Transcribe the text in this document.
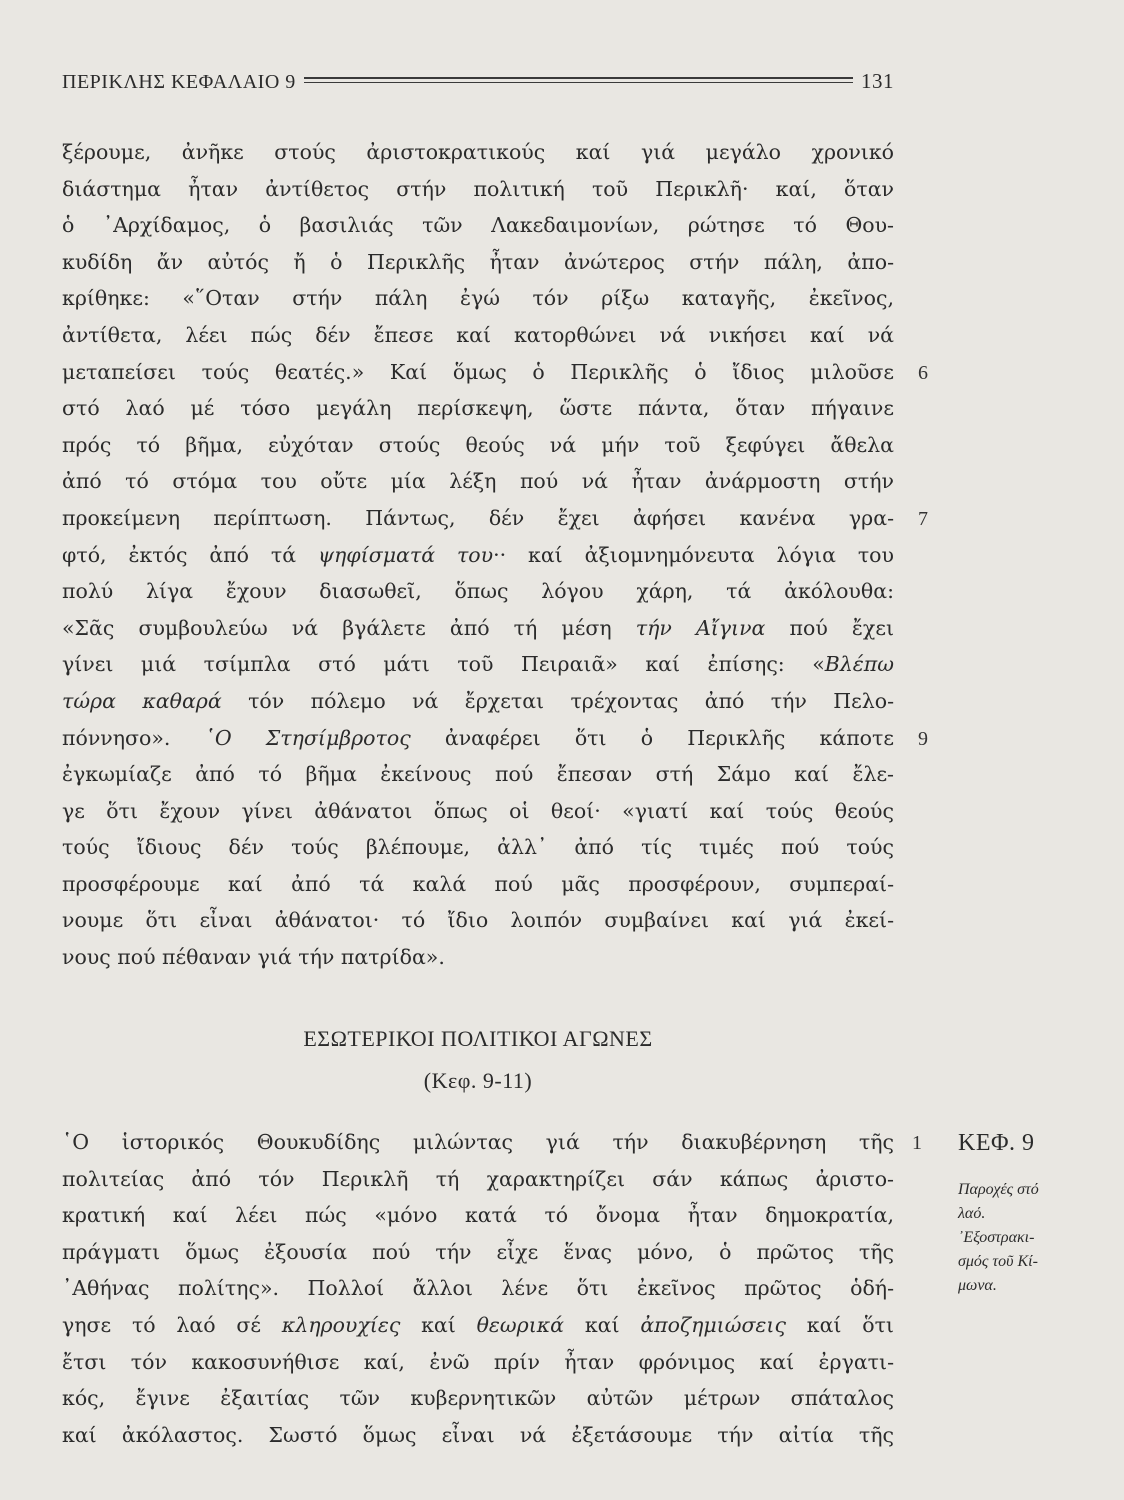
ΠΕΡΙΚΛΗΣ ΚΕΦΑΛΑΙΟ 9	131
ξέρουμε, ἀνῆκε στούς ἀριστοκρατικούς καί γιά μεγάλο χρονικό
διάστημα ἦταν ἀντίθετος στήν πολιτική τοῦ Περικλῆ· καί, ὅταν
ὁ ᾿Αρχίδαμος, ὁ βασιλιάς τῶν Λακεδαιμονίων, ρώτησε τό Θου-
κυδίδη ἄν αὐτός ἤ ὁ Περικλῆς ἦταν ἀνώτερος στήν πάλη, ἀπο-
κρίθηκε: «῞Οταν στήν πάλη ἐγώ τόν ρίξω καταγῆς, ἐκεῖνος,
ἀντίθετα, λέει πώς δέν ἔπεσε καί κατορθώνει νά νικήσει καί νά
μεταπείσει τούς θεατές.» Καί ὅμως ὁ Περικλῆς ὁ ἴδιος μιλοῦσε
στό λαό μέ τόσο μεγάλη περίσκεψη, ὥστε πάντα, ὅταν πήγαινε
πρός τό βῆμα, εὐχόταν στούς θεούς νά μήν τοῦ ξεφύγει ἄθελα
ἀπό τό στόμα του οὔτε μία λέξη πού νά ἦταν ἀνάρμοστη στήν
προκείμενη περίπτωση. Πάντως, δέν ἔχει ἀφήσει κανένα γρα-
φτό, ἐκτός ἀπό τά ψηφίσματά του·· καί ἀξιομνημόνευτα λόγια του
πολύ λίγα ἔχουν διασωθεῖ, ὅπως λόγου χάρη, τά ἀκόλουθα:
«Σᾶς συμβουλεύω νά βγάλετε ἀπό τή μέση τήν Αἴγινα πού ἔχει
γίνει μιά τσίμπλα στό μάτι τοῦ Πειραιᾶ» καί ἐπίσης: «Βλέπω
τώρα καθαρά τόν πόλεμο νά ἔρχεται τρέχοντας ἀπό τήν Πελο-
πόννησο». ῾Ο Στησίμβροτος ἀναφέρει ὅτι ὁ Περικλῆς κάποτε
ἐγκωμίαζε ἀπό τό βῆμα ἐκείνους πού ἔπεσαν στή Σάμο καί ἔλε-
γε ὅτι ἔχουν γίνει ἀθάνατοι ὅπως οἱ θεοί· «γιατί καί τούς θεούς
τούς ἴδιους δέν τούς βλέπουμε, ἀλλ᾿ ἀπό τίς τιμές πού τούς
προσφέρουμε καί ἀπό τά καλά πού μᾶς προσφέρουν, συμπεραί-
νουμε ὅτι εἶναι ἀθάνατοι· τό ἴδιο λοιπόν συμβαίνει καί γιά ἐκεί-
νους πού πέθαναν γιά τήν πατρίδα».
ΕΣΩΤΕΡΙΚΟΙ ΠΟΛΙΤΙΚΟΙ ΑΓΩΝΕΣ
(Κεφ. 9-11)
῾Ο ἱστορικός Θουκυδίδης μιλώντας γιά τήν διακυβέρνηση τῆς
πολιτείας ἀπό τόν Περικλῆ τή χαρακτηρίζει σάν κάπως ἀριστο-
κρατική καί λέει πώς «μόνο κατά τό ὄνομα ἦταν δημοκρατία,
πράγματι ὅμως ἐξουσία πού τήν εἶχε ἕνας μόνο, ὁ πρῶτος τῆς
᾿Αθήνας πολίτης». Πολλοί ἄλλοι λένε ὅτι ἐκεῖνος πρῶτος ὁδή-
γησε τό λαό σέ κληρουχίες καί θεωρικά καί ἀποζημιώσεις καί ὅτι
ἔτσι τόν κακοσυνήθισε καί, ἐνῶ πρίν ἦταν φρόνιμος καί ἐργατι-
κός, ἔγινε ἐξαιτίας τῶν κυβερνητικῶν αὐτῶν μέτρων σπάταλος
καί ἀκόλαστος. Σωστό ὅμως εἶναι νά ἐξετάσουμε τήν αἰτία τῆς
6
7
9
1 ΚΕΦ. 9
Παροχές στό
λαό.
᾿Εξοστρακι-
σμός τοῦ Κί-
μωνα.
